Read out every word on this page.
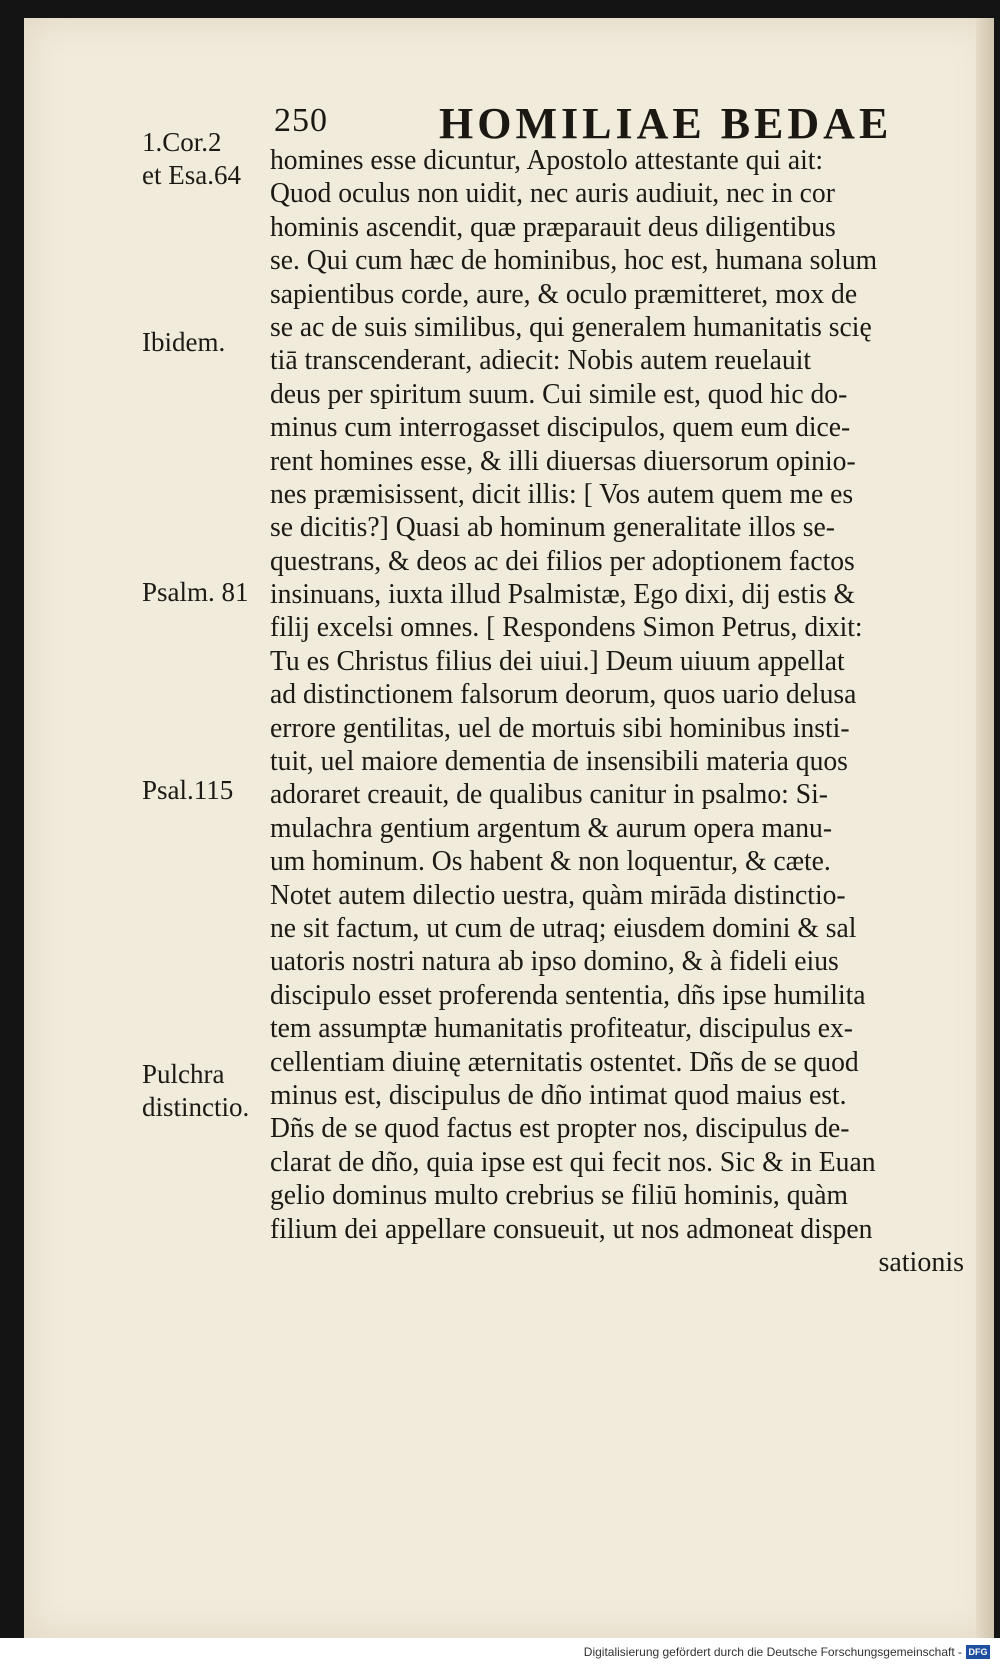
250	HOMILIAE BEDAE
1.Cor.2
et Esa.64
Ibidem.
Psalm. 81
Psal.115
Pulchra
distinctio.
homines esse dicuntur, Apostolo attestante qui ait:
Quod oculus non uidit, nec auris audiuit, nec in cor
hominis ascendit, quæ præparauit deus diligentibus
se. Qui cum hæc de hominibus, hoc est, humana solum
sapientibus corde, aure, & oculo præmitteret, mox de
se ac de suis similibus, qui generalem humanitatis scię
tiā transcenderant, adiecit: Nobis autem reuelauit
deus per spiritum suum. Cui simile est, quod hic do-
minus cum interrogasset discipulos, quem eum dice-
rent homines esse, & illi diuersas diuersorum opinio-
nes præmisissent, dicit illis: [ Vos autem quem me es
se dicitis?] Quasi ab hominum generalitate illos se-
questrans, & deos ac dei filios per adoptionem factos
insinuans, iuxta illud Psalmistæ, Ego dixi, dij estis &
filij excelsi omnes. [ Respondens Simon Petrus, dixit:
Tu es Christus filius dei uiui.] Deum uiuum appellat
ad distinctionem falsorum deorum, quos uario delusa
errore gentilitas, uel de mortuis sibi hominibus insti-
tuit, uel maiore dementia de insensibili materia quos
adoraret creauit, de qualibus canitur in psalmo: Si-
mulachra gentium argentum & aurum opera manu-
um hominum. Os habent & non loquentur, & cæte.
Notet autem dilectio uestra, quàm mirāda distinctio-
ne sit factum, ut cum de utraq; eiusdem domini & sal
uatoris nostri natura ab ipso domino, & à fideli eius
discipulo esset proferenda sententia, dñs ipse humilita
tem assumptæ humanitatis profiteatur, discipulus ex-
cellentiam diuinę æternitatis ostentet. Dñs de se quod
minus est, discipulus de dño intimat quod maius est.
Dñs de se quod factus est propter nos, discipulus de-
clarat de dño, quia ipse est qui fecit nos. Sic & in Euan
gelio dominus multo crebrius se filiū hominis, quàm
filium dei appellare consueuit, ut nos admoneat dispen
sationis
Digitalisierung gefördert durch die Deutsche Forschungsgemeinschaft - DFG
